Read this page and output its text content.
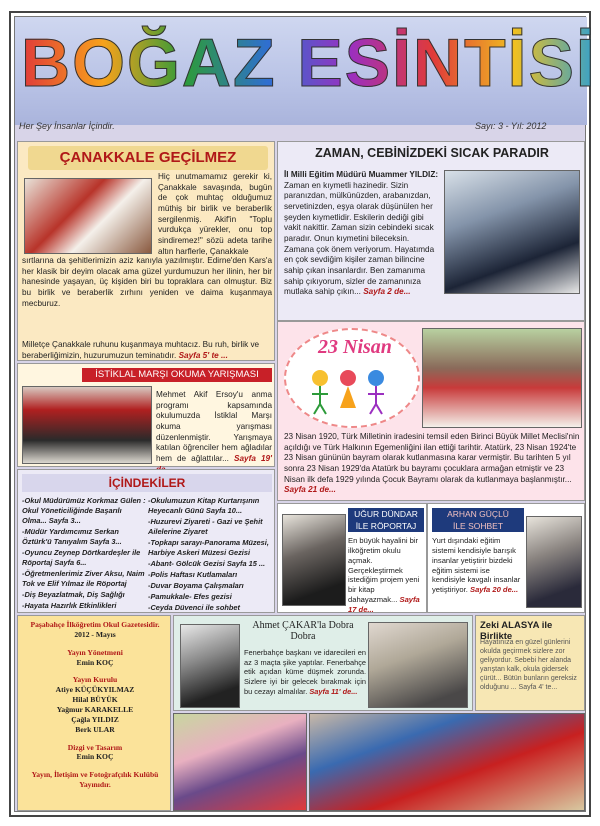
BOĞAZ ESİNTİSİ
Her Şey İnsanlar İçindir.	Sayı: 3 - Yıl: 2012
ÇANAKKALE GEÇİLMEZ
Hiç unutmamamız gerekir ki, Çanakkale savaşında, bugün de çok muhtaç olduğumuz müthiş bir birlik ve beraberlik sergilenmiş. Akif'in "Toplu vurdukça yürekler, onu top sindiremez!" sözü adeta tarihe altın harflerle, Çanakkale
sırtlarına da şehitlerimizin aziz kanıyla yazılmıştır. Edirne'den Kars'a her klasik bir deyim olacak ama güzel yurdumuzun her ilinin, her bir hanesinde yaşayan, üç kişiden biri bu topraklara can olmuştur. Biz bu birlik ve beraberlik zırhını yeniden ve daima kuşanmaya mecburuz.
Milletçe Çanakkale ruhunu kuşanmaya muhtacız. Bu ruh, birlik ve beraberliğimizin, huzurumuzun teminatıdır. Sayfa 5' te ...
ZAMAN, CEBİNİZDEKİ SICAK PARADIR
İl Milli Eğitim Müdürü Muammer YILDIZ: Zaman en kıymetli hazinedir. Sizin paranızdan, mülkünüzden, arabanızdan, servetinizden, eşya olarak düşünülen her şeyden kıymetlidir. Eskilerin dediği gibi vakit nakittir. Zaman sizin cebindeki sıcak paradır. Onun kıymetini bileceksin. Zamana çok önem veriyorum. Hayatımda en çok sevdiğim kişiler zaman bilincine sahip çıkan insanlardır. Ben zamanıma sahip çıkıyorum, sizler de zamanınıza mutlaka sahip çıkın... Sayfa 2 de...
23 Nisan
23 Nisan 1920, Türk Milletinin iradesini temsil eden Birinci Büyük Millet Meclisi'nin açıldığı ve Türk Halkının Egemenliğini ilan ettiği tarihtir. Atatürk, 23 Nisan 1924'te 23 Nisan gününün bayram olarak kutlanmasına karar vermiştir. Bu tarihten 5 yıl sonra 23 Nisan 1929'da Atatürk bu bayramı çocuklara armağan etmiştir ve 23 Nisan ilk defa 1929 yılında Çocuk Bayramı olarak da kutlanmaya başlanmıştır... Sayfa 21 de...
İSTİKLAL MARŞI OKUMA YARIŞMASI
Mehmet Akif Ersoy'u anma programı kapsamında okulumuzda İstiklal Marşı okuma yarışması düzenlenmiştir. Yarışmaya katılan öğrenciler hem ağladılar hem de ağlattılar... Sayfa 19'
İÇİNDEKİLER
-Okul Müdürümüz Korkmaz Gülen : Okul Yöneticiliğinde Başarılı Olma... Sayfa 3...
-Müdür Yardımcımız Serkan Öztürk'ü Tanıyalım Sayfa 3...
-Oyuncu Zeynep Dörtkardeşler ile Röportaj Sayfa 6...
-Öğretmenlerimiz Ziver Aksu, Naim Tok ve Elif Yılmaz ile Röportaj
-Diş Beyazlatmak, Diş Sağlığı
-Hayata Hazırlık Etkinlikleri
-Okulumuzun Kitap Kurtarışının Heyecanlı Günü Sayfa 10...
-Huzurevi Ziyareti - Gazi ve Şehit Ailelerine Ziyaret
-Topkapı sarayı-Panorama Müzesi, Harbiye Askeri Müzesi Gezisi
-Abant- Gölcük Gezisi Sayfa 15 ...
-Polis Haftası Kutlamaları
-Duvar Boyama Çalışmaları
-Pamukkale- Efes gezisi
-Ceyda Düvenci ile sohbet
UĞUR DÜNDAR
İLE RÖPORTAJ
En büyük hayalini bir ilköğretim okulu açmak. Gerçekleştirmek istediğim projem yeni bir kitap dahayazmak... Sayfa 17 de...
ARHAN GÜÇLÜ
İLE SOHBET
Yurt dışındaki eğitim sistemi kendisiyle barışık insanlar yetiştirir bizdeki eğitim sistemi ise kendisiyle kavgalı insanlar yetiştiriyor. Sayfa 20 de...
Paşabahçe İlköğretim Okul Gazetesidir.
2012 - Mayıs
Yayın Yönetmeni
Emin KOÇ
Yayın Kurulu
Atiye KÜÇÜKYILMAZ
Hilal BÜYÜK
Yağmur KARAKELLE
Çağla YILDIZ
Berk ULAR
Dizgi ve Tasarım
Emin KOÇ
Yayın, İletişim ve Fotoğrafçılık Kulübü Yayınıdır.
Ahmet ÇAKAR'la Dobra Dobra
Fenerbahçe başkanı ve idarecileri en az 3 maçta şike yaptılar. Fenerbahçe etik açıdan küme düşmek zorunda. Sizlere iyi bir gelecek bırakmak için bu cezayı almalılar. Sayfa 11' de...
Zeki ALASYA ile Birlikte
Hayatınıza en güzel günlerini okulda geçirmek sizlere zor geliyordur. Sebebi her alanda yarıştan kalk, okula gidersek çürüt... Bütün bunların gereksiz olduğunu ... Sayfa 4' te...
